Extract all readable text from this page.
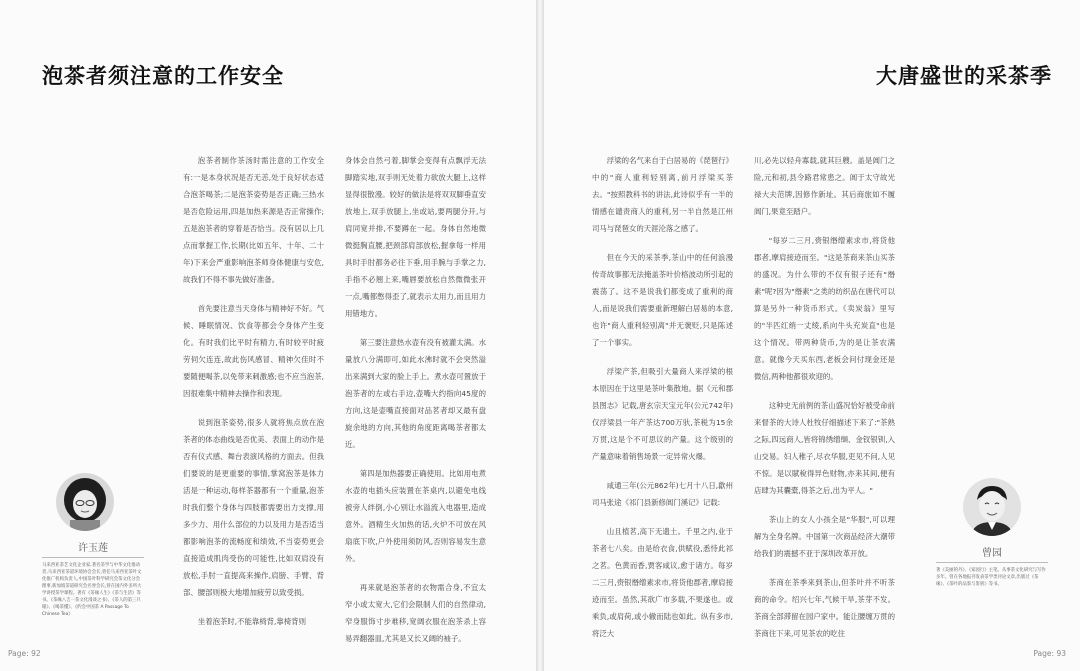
泡茶者须注意的工作安全

泡茶者制作茶汤时需注意的工作安全有:一是本身状况是否无恙,处于良好状态适合泡茶喝茶;二是泡茶姿势是否正确;三热水是否危险运用,四是加热来源是否正常操作;五是泡茶者的穿着是否恰当。没有居以上几点而掌握工作,长期(比如五年、十年、二十年)下来会严重影响泡茶师身体健康与安危,故我们不得不事先做好准备。

首先要注意当天身体与精神好不好。气候、睡眠情况、饮食等都会令身体产生变化。有时我们比平时有精力,有时较平时疲劳伺欠连连,故此伤风感冒、精神欠佳时不要随便喝茶,以免带来刺激感;也不应当泡茶,因很难集中精神去操作和表现。

说到泡茶姿势,很多人就将焦点放在泡茶者的体态曲线是否优美、表面上的动作是否有仪式感、舞台表演风格的方面去。但我们要说的是更重要的事情,掌窝泡茶是体力活是一种运动,每样茶器都有一个重量,泡茶时我们整个身体与四肢都需要出力支撑,用多少力、用什么部位的力以及用力是否适当都影响泡茶的流畅度和绩效,不当姿势更会直接造成肌肉受伤的可能性,比如双肩没有放松,手肘一直提高来操作,肩膀、手臂、背部、腰部则极大地增加疲劳以致受损。

坐着泡茶时,不能靠椅背,靠椅背则

身体会自然弓着,脚掌会变得有点飘浮无法脚踏实地,双手则无处着力欲放大腿上,这样显得很散漫。较好的做法是将双双脚垂直安放地上,双手放腿上,坐或站,要两腿分开,与肩同宽并排,不要蹲在一起。身体自然地微微挺胸直腰,把颈部肩部放松,握拿每一样用具时手肘都务必往下垂,用手腕与手掌之力,手指不必翘上来,嘴唇要放松自然微微张开一点,嘴都憋得歪了,就表示太用力,而且用力用错地方。

第三要注意热水壶有没有被灌太满。水量放八分满即可,如此水沸时就不会突然溢出来满到大家的脸上手上。煮水壶可置放于泡茶者的左或右手边,壶嘴大约指向45度的方向,这是壶嘴直接面对品茗者却又最有盘旋余地的方向,其他的角度距离喝茶者都太近。

第四是加热器要正确使用。比如用电煮水壶的电插头应装置在茶桌内,以避免电线被旁人绊倒,小心别让水溢流入电器里,造成意外。酒精生火加热的话,火炉不可放在风扇底下吹,户外使用须防风,否则容易发生意外。

再来就是泡茶者的衣物需合身,不宜太窄小或太宽大,它们会限制人们的自然律动,窄身服饰寸步难移,宽阔衣服在泡茶杀上容易弄翻器皿,尤其是又长又阔的袖子。

许玉莲
马来西亚茶艺文化企业家,著名茶学与中华文化推动者,马来西亚茶道环境协会会长,曾任马来西亚茶叶文化推广机构负责人,中国茶叶科学研究会茶文化分会理事,新加坡茶道研究会名誉会长,曾在国内外多所大学讲授茶学课程。著有《茶缘人生》《茶与生活》等书。《茶缘八吉一茶文化漫谈之书》、《茶人的第三只眼》、《喝茶懂》、《约会中国茶 A Passage To Chinese Tea》
Page: 92
大唐盛世的采茶季

浮梁的名气来自于白居易的《琵琶行》中的"商人重利轻别离,前月浮梁买茶去。"按照教科书的讲法,此诗似乎有一半的情感在谴责商人的重利,另一半自然是江州司马与琵琶女的天涯沦落之感了。

但在今天的采茶季,茶山中的任何浪漫传奇故事都无法掩盖茶叶价格波动所引起的震荡了。这不是说我们都变成了重利的商人,而是说我们需要重新理解白居易的本意,也许"商人重利轻别离"并无褒贬,只是陈述了一个事实。

浮梁产茶,但吸引大量商人来浮梁的根本原因在于这里是茶叶集散地。据《元和郡县图志》记载,唐玄宗天宝元年(公元742年)仅浮梁县一年产茶达700万驮,茶税为15余万贯,这是个不可思议的产量。这个级别的产量意味着销售场景一定异常火爆。

咸通三年(公元862年)七月十八日,歙州司马张途《祁门县新修阊门溪记》记载:

山且植茗,高下无遗土。千里之内,业于茶者七八矣。由是给衣食,供赋役,悉恃此祁之茗。色黄而香,贾客咸议,愈于诸方。每岁二三月,赍银缗缯素求市,将货他郡者,摩肩接迹而至。虽然,其欲广市多载,不果遂也。或乘负,或肩荷,或小辙而陆也如此。纵有多市,将泛大

川,必先以轻舟寡载,就其巨艘。盖是阊门之险,元和初,县令路君常患之。阊于太守故光禄大夫范牌,因修作新址。其后商旅如不履阊门,果竟至踏户。

"每岁二三月,赍银缗缯素求市,将货他郡者,摩肩接迹而至。"这是茶商来茶山买茶的盛况。为什么带的不仅有银子还有"缗素"呢?因为"缗素"之类的纺织品在唐代可以算是另外一种货币形式。《卖炭翁》里写的"半匹红绡一丈绫,系向牛头充炭直"也是这个情况。带两种货币,为的是让茶农满意。就像今天买东西,老板会问付现金还是微信,两种他都很欢迎的。

这种史无前例的茶山盛况恰好被受命前来督茶的大诗人杜牧仔细描述下来了:"茶熟之际,四远商人,皆将锦绣缯缬、金钗银钏,入山交易。妇人稚子,尽衣华服,吏见不问,人见不惊。是以賦稅得异色财物,亦来其间,便有店肆为其囊橐,得茶之后,出为平人。"

茶山上的女人小孩全是"华服",可以理解为全身名牌。中国第一次商品经济大潮带给我们的震撼不亚于深圳改革开放。

茶商在茶季来到茶山,但茶叶并不听茶商的命令。绍兴七年,气候干旱,茶芽不发。茶商全部滞留在园户家中。能让腰缠万贯的茶商住下来,可见茶农的吃住

曾园
著《美丽的丹》、《家园行》主笔。从事茶文化研究与写作多年。曾在各地报刊发表茶学类评论文章,出版过《茶缘》、《茶叶的品鉴与鉴别》等书。
Page: 93
